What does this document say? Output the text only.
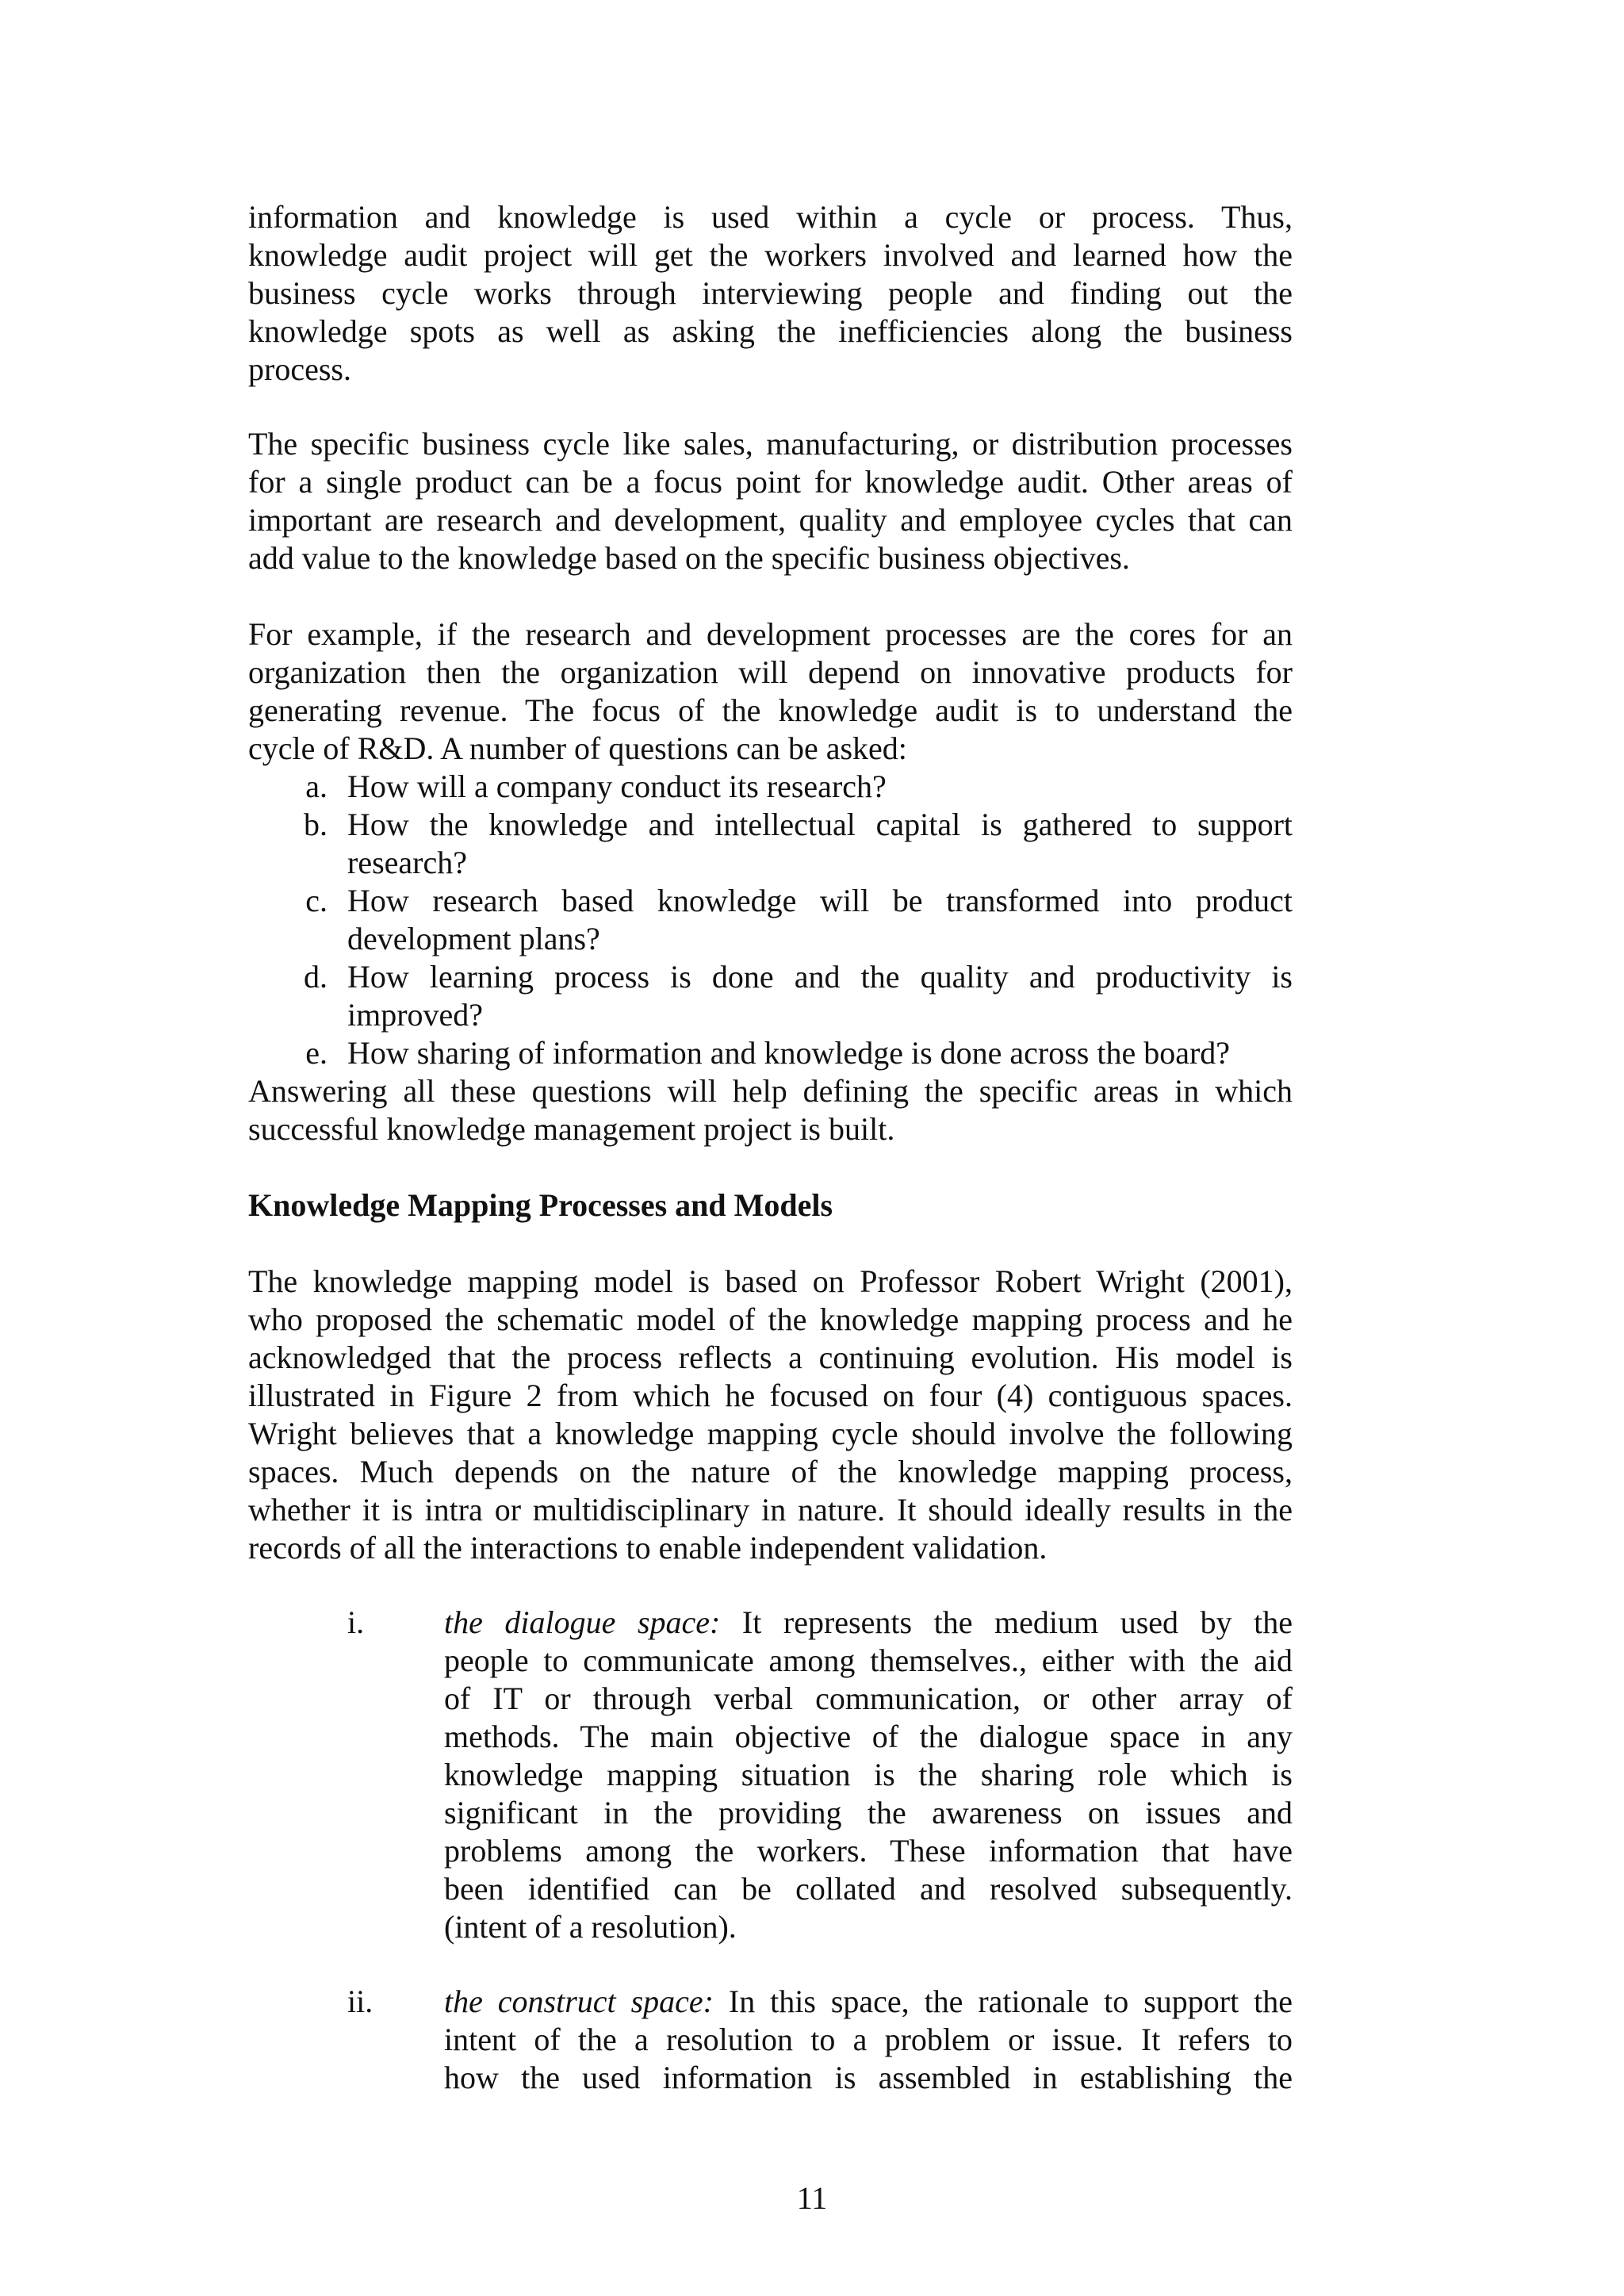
information and knowledge is used within a cycle or process. Thus,
knowledge audit project will get the workers involved and learned how the
business cycle works through interviewing people and finding out the
knowledge spots as well as asking the inefficiencies along the business
process.
The specific business cycle like sales, manufacturing, or distribution processes
for a single product can be a focus point for knowledge audit. Other areas of
important are research and development, quality and employee cycles that can
add value to the knowledge based on the specific business objectives.
For example, if the research and development processes are the cores for an
organization then the organization will depend on innovative products for
generating revenue. The focus of the knowledge audit is to understand the
cycle of R&D. A number of questions can be asked:
a. How will a company conduct its research?
b. How the knowledge and intellectual capital is gathered to support
research?
c. How research based knowledge will be transformed into product
development plans?
d. How learning process is done and the quality and productivity is
improved?
e. How sharing of information and knowledge is done across the board?
Answering all these questions will help defining the specific areas in which
successful knowledge management project is built.
Knowledge Mapping Processes and Models
The knowledge mapping model is based on Professor Robert Wright (2001),
who proposed the schematic model of the knowledge mapping process and he
acknowledged that the process reflects a continuing evolution. His model is
illustrated in Figure 2 from which he focused on four (4) contiguous spaces.
Wright believes that a knowledge mapping cycle should involve the following
spaces. Much depends on the nature of the knowledge mapping process,
whether it is intra or multidisciplinary in nature. It should ideally results in the
records of all the interactions to enable independent validation.
i.	the dialogue space: It represents the medium used by the
people to communicate among themselves., either with the aid
of IT or through verbal communication, or other array of
methods. The main objective of the dialogue space in any
knowledge mapping situation is the sharing role which is
significant in the providing the awareness on issues and
problems among the workers. These information that have
been identified can be collated and resolved subsequently.
(intent of a resolution).
ii. the construct space: In this space, the rationale to support the
intent of the a resolution to a problem or issue. It refers to
how the used information is assembled in establishing the
11
